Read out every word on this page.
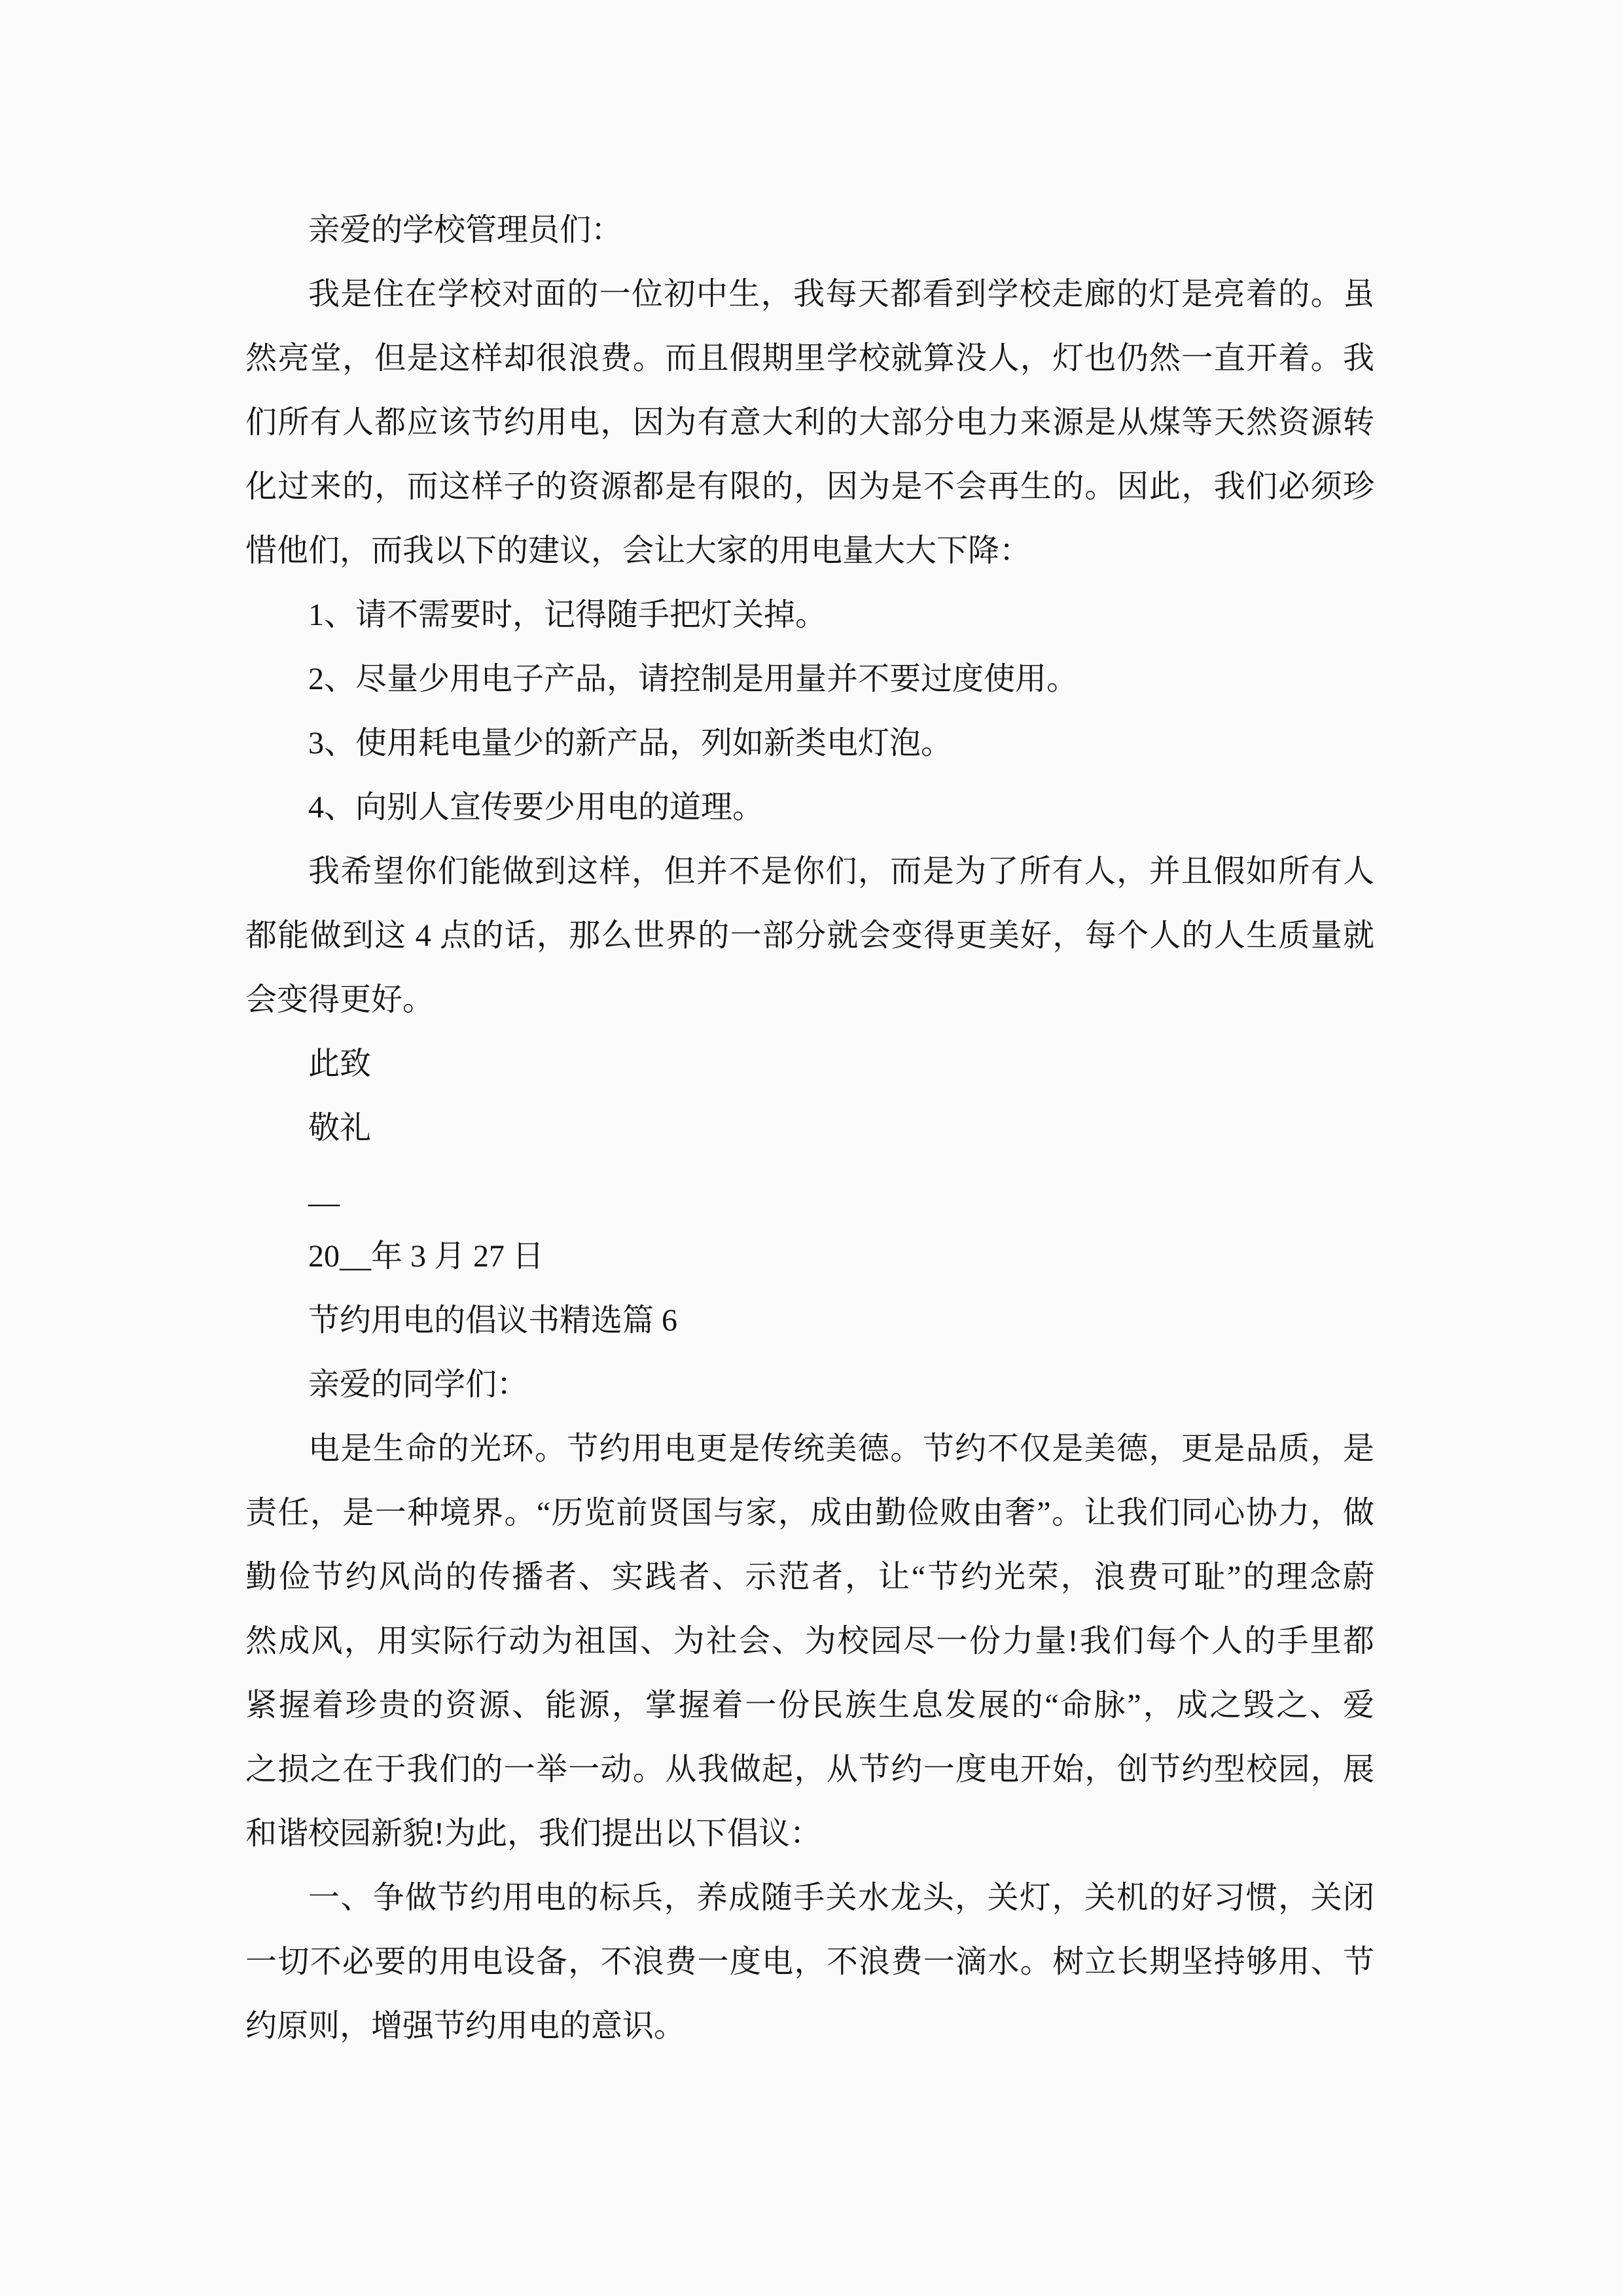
亲爱的学校管理员们：
我是住在学校对面的一位初中生，我每天都看到学校走廊的灯是亮着的。虽
然亮堂，但是这样却很浪费。而且假期里学校就算没人，灯也仍然一直开着。我
们所有人都应该节约用电，因为有意大利的大部分电力来源是从煤等天然资源转
化过来的，而这样子的资源都是有限的，因为是不会再生的。因此，我们必须珍
惜他们，而我以下的建议，会让大家的用电量大大下降：
1、请不需要时，记得随手把灯关掉。
2、尽量少用电子产品，请控制是用量并不要过度使用。
3、使用耗电量少的新产品，列如新类电灯泡。
4、向别人宣传要少用电的道理。
我希望你们能做到这样，但并不是你们，而是为了所有人，并且假如所有人
都能做到这 4 点的话，那么世界的一部分就会变得更美好，每个人的人生质量就
会变得更好。
此致
敬礼
__
20__年 3 月 27 日
节约用电的倡议书精选篇 6
亲爱的同学们：
电是生命的光环。节约用电更是传统美德。节约不仅是美德，更是品质，是
责任，是一种境界。“历览前贤国与家，成由勤俭败由奢”。让我们同心协力，做
勤俭节约风尚的传播者、实践者、示范者，让“节约光荣，浪费可耻”的理念蔚
然成风，用实际行动为祖国、为社会、为校园尽一份力量!我们每个人的手里都
紧握着珍贵的资源、能源，掌握着一份民族生息发展的“命脉”，成之毁之、爱
之损之在于我们的一举一动。从我做起，从节约一度电开始，创节约型校园，展
和谐校园新貌!为此，我们提出以下倡议：
一、争做节约用电的标兵，养成随手关水龙头，关灯，关机的好习惯，关闭
一切不必要的用电设备，不浪费一度电，不浪费一滴水。树立长期坚持够用、节
约原则，增强节约用电的意识。
